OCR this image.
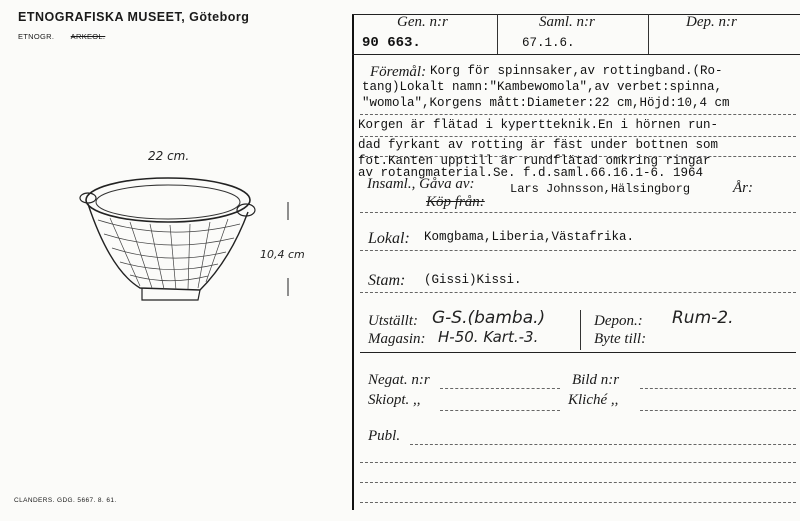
ETNOGRAFISKA MUSEET, Göteborg
ETNOGR. ARKEOL.
22 cm.
10,4 cm
CLANDERS. GDG. 5667. 8. 61.
Gen. n:r	Saml. n:r	Dep. n:r
90 663.	67.1.6.
Föremål: Korg för spinnsaker,av rottingband.(Ro-
tang)Lokalt namn:"Kambewomola",av verbet:spinna,
"womola",Korgens mått:Diameter:22 cm,Höjd:10,4 cm
Korgen är flätad i kypertteknik.En i hörnen run-
dad fyrkant av rotting är fäst under bottnen som
fot.Kanten upptill är rundflätad omkring ringar
av rotangmaterial.Se. f.d.saml.66.16.1-6. 1964
Insaml., Gåva av:	Lars Johnsson,Hälsingborg	År:
Köp från:
Lokal: Komgbama,Liberia,Västafrika.
Stam: (Gissi)Kissi.
Utställt: G-S.(bamba.)	Depon.: Rum-2.
Magasin: H-50. Kart.-3.	Byte till:
Negat. n:r	Bild n:r
Skiopt. ,,	Kliché ,,
Publ.
